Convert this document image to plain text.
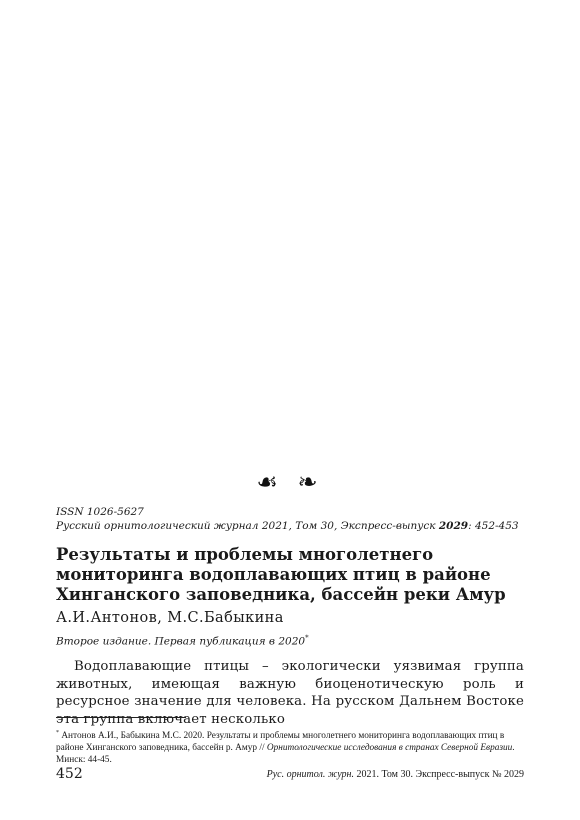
☙ ❧
ISSN 1026-5627
Русский орнитологический журнал 2021, Том 30, Экспресс-выпуск 2029: 452-453
Результаты и проблемы многолетнего мониторинга водоплавающих птиц в районе Хинганского заповедника, бассейн реки Амур
А.И.Антонов, М.С.Бабыкина
Второе издание. Первая публикация в 2020*
Водоплавающие птицы – экологически уязвимая группа животных, имеющая важную биоценотическую роль и ресурсное значение для человека. На русском Дальнем Востоке эта группа включает несколько
* Антонов А.И., Бабыкина М.С. 2020. Результаты и проблемы многолетнего мониторинга водоплавающих птиц в районе Хинганского заповедника, бассейн р. Амур // Орнитологические исследования в странах Северной Евразии. Минск: 44-45.
452	Рус. орнитол. журн. 2021. Том 30. Экспресс-выпуск № 2029
